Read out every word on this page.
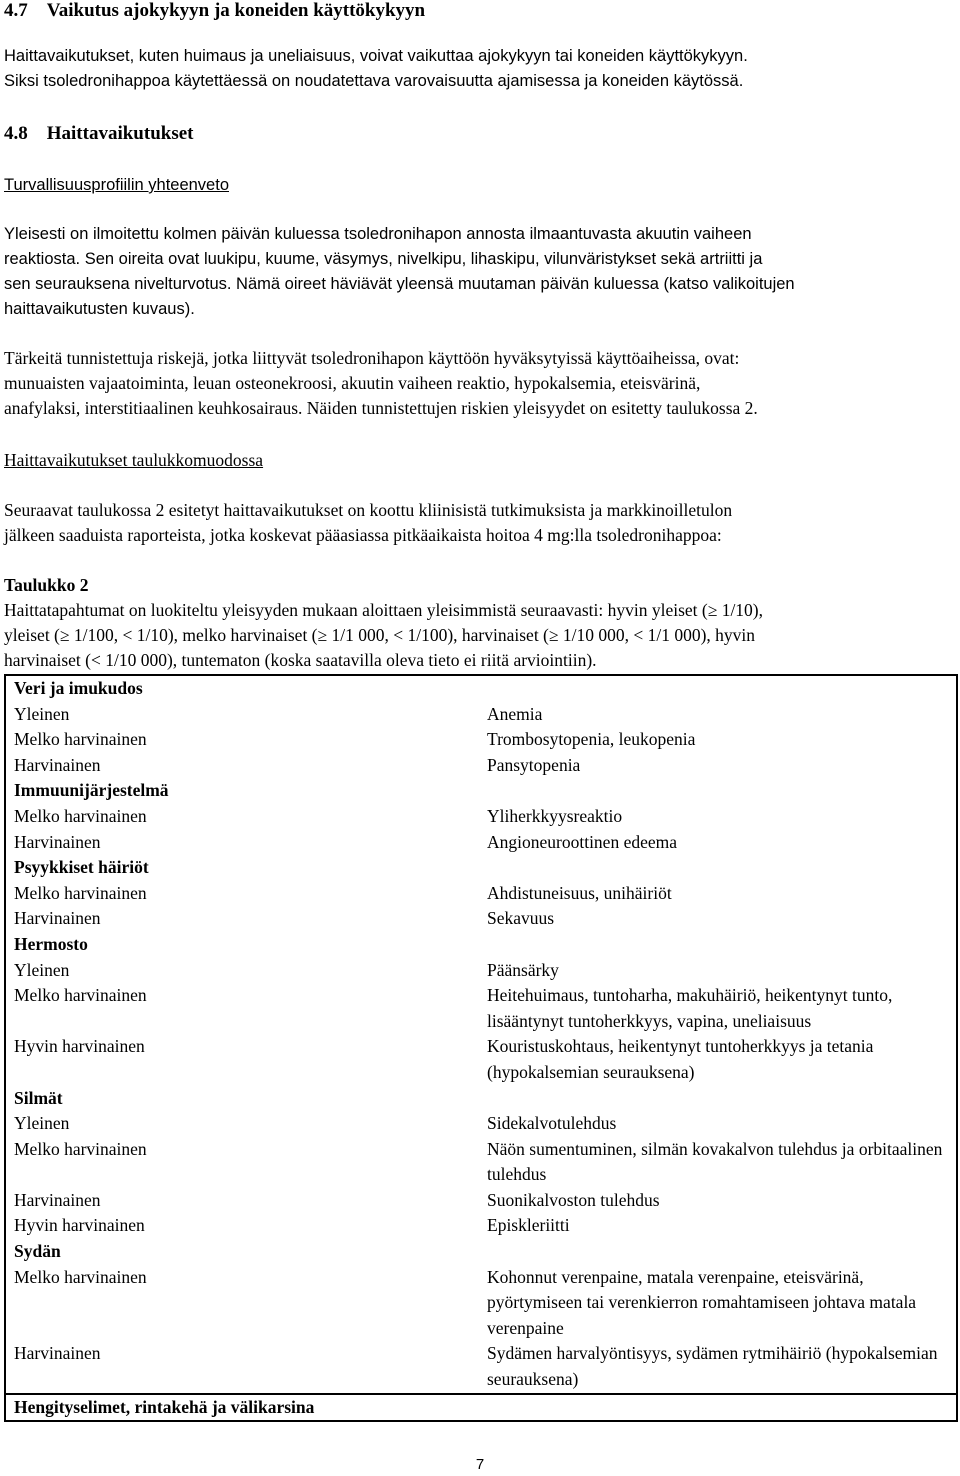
4.7 Vaikutus ajokykyyn ja koneiden käyttökykyyn
Haittavaikutukset, kuten huimaus ja uneliaisuus, voivat vaikuttaa ajokykyyn tai koneiden käyttökykyyn.
Siksi tsoledronihappoa käytettäessä on noudatettava varovaisuutta ajamisessa ja koneiden käytössä.
4.8 Haittavaikutukset
Turvallisuusprofiilin yhteenveto
Yleisesti on ilmoitettu kolmen päivän kuluessa tsoledronihapon annosta ilmaantuvasta akuutin vaiheen
reaktiosta. Sen oireita ovat luukipu, kuume, väsymys, nivelkipu, lihaskipu, vilunväristykset sekä artriitti ja
sen seurauksena nivelturvotus. Nämä oireet häviävät yleensä muutaman päivän kuluessa (katso valikoitujen
haittavaikutusten kuvaus).
Tärkeitä tunnistettuja riskejä, jotka liittyvät tsoledronihapon käyttöön hyväksytyissä käyttöaiheissa, ovat:
munuaisten vajaatoiminta, leuan osteonekroosi, akuutin vaiheen reaktio, hypokalsemia, eteisvärinä,
anafylaksi, interstitiaalinen keuhkosairaus. Näiden tunnistettujen riskien yleisyydet on esitetty taulukossa 2.
Haittavaikutukset taulukkomuodossa
Seuraavat taulukossa 2 esitetyt haittavaikutukset on koottu kliinisistä tutkimuksista ja markkinoilletulon
jälkeen saaduista raporteista, jotka koskevat pääasiassa pitkäaikaista hoitoa 4 mg:lla tsoledronihappoa:
Taulukko 2
Haittatapahtumat on luokiteltu yleisyyden mukaan aloittaen yleisimmistä seuraavasti: hyvin yleiset (≥ 1/10),
yleiset (≥ 1/100, < 1/10), melko harvinaiset (≥ 1/1 000, < 1/100), harvinaiset (≥ 1/10 000, < 1/1 000), hyvin
harvinaiset (< 1/10 000), tuntematon (koska saatavilla oleva tieto ei riitä arviointiin).
Veri ja imukudos	
Yleinen	Anemia
Melko harvinainen	Trombosytopenia, leukopenia
Harvinainen	Pansytopenia
Immuunijärjestelmä	
Melko harvinainen	Yliherkkyysreaktio
Harvinainen	Angioneuroottinen edeema
Psyykkiset häiriöt	
Melko harvinainen	Ahdistuneisuus, unihäiriöt
Harvinainen	Sekavuus
Hermosto	
Yleinen	Päänsärky
Melko harvinainen	Heitehuimaus, tuntoharha, makuhäiriö, heikentynyt tunto, lisääntynyt tuntoherkkyys, vapina, uneliaisuus
Hyvin harvinainen	Kouristuskohtaus, heikentynyt tuntoherkkyys ja tetania (hypokalsemian seurauksena)
Silmät	
Yleinen	Sidekalvotulehdus
Melko harvinainen	Näön sumentuminen, silmän kovakalvon tulehdus ja orbitaalinen tulehdus
Harvinainen	Suonikalvoston tulehdus
Hyvin harvinainen	Episkleriitti
Sydän	
Melko harvinainen	Kohonnut verenpaine, matala verenpaine, eteisvärinä, pyörtymiseen tai verenkierron romahtamiseen johtava matala verenpaine
Harvinainen	Sydämen harvalyöntisyys, sydämen rytmihäiriö (hypokalsemian seurauksena)
Hengityselimet, rintakehä ja välikarsina	
7
